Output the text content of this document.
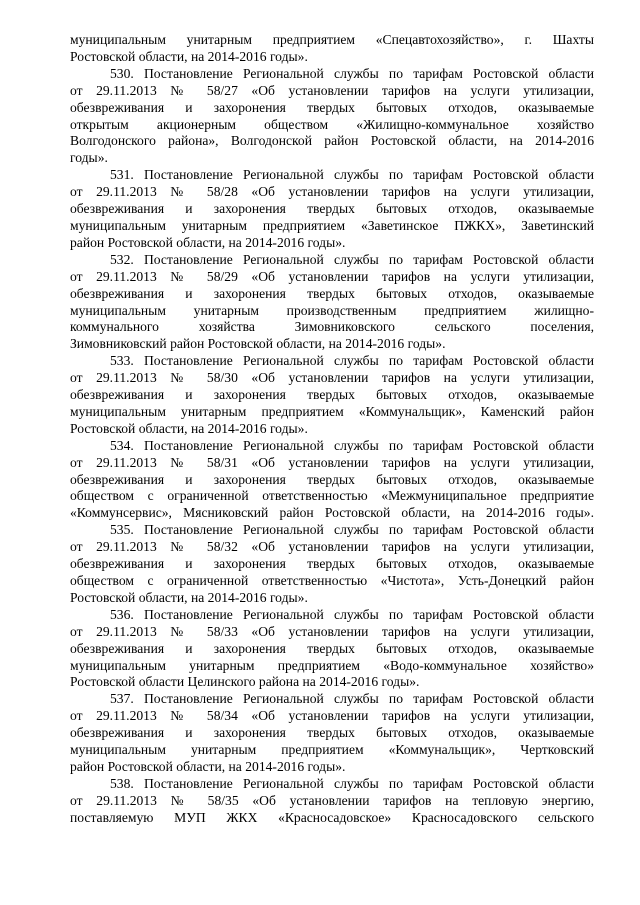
муниципальным унитарным предприятием «Спецавтохозяйство», г. Шахты
Ростовской области, на 2014-2016 годы».
530. Постановление Региональной службы по тарифам Ростовской области
от 29.11.2013 № 58/27 «Об установлении тарифов на услуги утилизации,
обезвреживания и захоронения твердых бытовых отходов, оказываемые
открытым акционерным обществом «Жилищно-коммунальное хозяйство
Волгодонского района», Волгодонской район Ростовской области, на 2014-2016
годы».
531. Постановление Региональной службы по тарифам Ростовской области
от 29.11.2013 № 58/28 «Об установлении тарифов на услуги утилизации,
обезвреживания и захоронения твердых бытовых отходов, оказываемые
муниципальным унитарным предприятием «Заветинское ПЖКХ», Заветинский
район Ростовской области, на 2014-2016 годы».
532. Постановление Региональной службы по тарифам Ростовской области
от 29.11.2013 № 58/29 «Об установлении тарифов на услуги утилизации,
обезвреживания и захоронения твердых бытовых отходов, оказываемые
муниципальным унитарным производственным предприятием жилищно-
коммунального хозяйства Зимовниковского сельского поселения,
Зимовниковский район Ростовской области, на 2014-2016 годы».
533. Постановление Региональной службы по тарифам Ростовской области
от 29.11.2013 № 58/30 «Об установлении тарифов на услуги утилизации,
обезвреживания и захоронения твердых бытовых отходов, оказываемые
муниципальным унитарным предприятием «Коммунальщик», Каменский район
Ростовской области, на 2014-2016 годы».
534. Постановление Региональной службы по тарифам Ростовской области
от 29.11.2013 № 58/31 «Об установлении тарифов на услуги утилизации,
обезвреживания и захоронения твердых бытовых отходов, оказываемые
обществом с ограниченной ответственностью «Межмуниципальное предприятие
«Коммунсервис», Мясниковский район Ростовской области, на 2014-2016 годы».
535. Постановление Региональной службы по тарифам Ростовской области
от 29.11.2013 № 58/32 «Об установлении тарифов на услуги утилизации,
обезвреживания и захоронения твердых бытовых отходов, оказываемые
обществом с ограниченной ответственностью «Чистота», Усть-Донецкий район
Ростовской области, на 2014-2016 годы».
536. Постановление Региональной службы по тарифам Ростовской области
от 29.11.2013 № 58/33 «Об установлении тарифов на услуги утилизации,
обезвреживания и захоронения твердых бытовых отходов, оказываемые
муниципальным унитарным предприятием «Водо-коммунальное хозяйство»
Ростовской области Целинского района на 2014-2016 годы».
537. Постановление Региональной службы по тарифам Ростовской области
от 29.11.2013 № 58/34 «Об установлении тарифов на услуги утилизации,
обезвреживания и захоронения твердых бытовых отходов, оказываемые
муниципальным унитарным предприятием «Коммунальщик», Чертковский
район Ростовской области, на 2014-2016 годы».
538. Постановление Региональной службы по тарифам Ростовской области
от 29.11.2013 № 58/35 «Об установлении тарифов на тепловую энергию,
поставляемую МУП ЖКХ «Красносадовское» Красносадовского сельского
